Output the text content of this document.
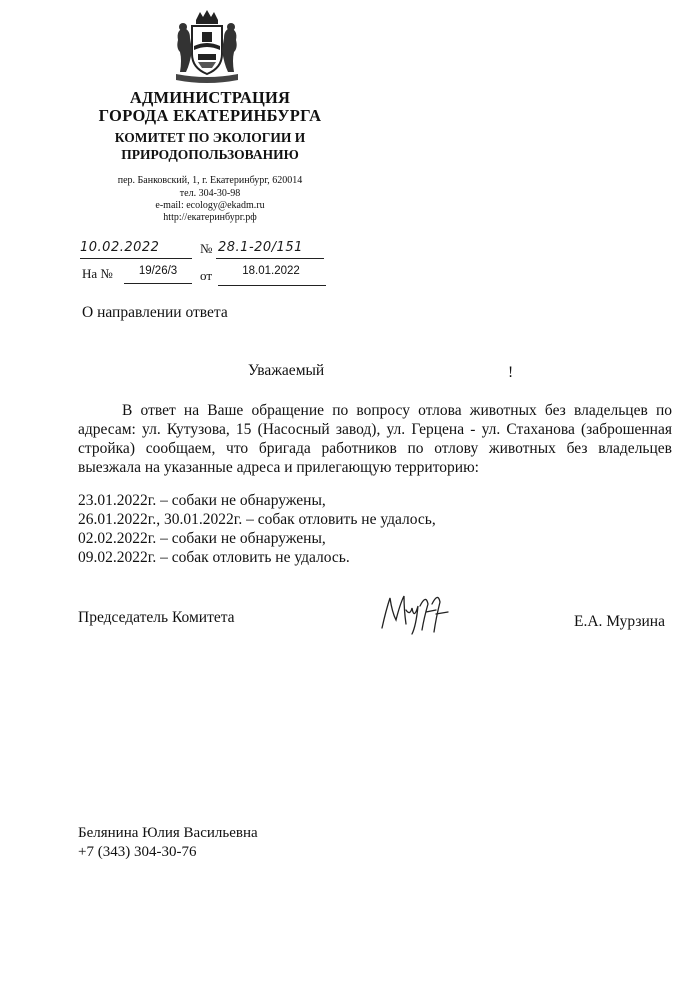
АДМИНИСТРАЦИЯ
ГОРОДА ЕКАТЕРИНБУРГА
КОМИТЕТ ПО ЭКОЛОГИИ И
ПРИРОДОПОЛЬЗОВАНИЮ
пер. Банковский, 1, г. Екатеринбург, 620014
тел. 304-30-98
e-mail: ecology@ekadm.ru
http://екатеринбург.рф
10.02.2022	№ 28.1-20/151
На №	19/26/3	от	18.01.2022
О направлении ответа
Уважаемый	!
В ответ на Ваше обращение по вопросу отлова животных без владельцев по адресам: ул. Кутузова, 15 (Насосный завод), ул. Герцена - ул. Стаханова (заброшенная стройка) сообщаем, что бригада работников по отлову животных без владельцев выезжала на указанные адреса и прилегающую территорию:
23.01.2022г. – собаки не обнаружены,
26.01.2022г., 30.01.2022г. – собак отловить не удалось,
02.02.2022г. – собаки не обнаружены,
09.02.2022г. – собак отловить не удалось.
Председатель Комитета	Е.А. Мурзина
Белянина Юлия Васильевна
+7 (343) 304-30-76
